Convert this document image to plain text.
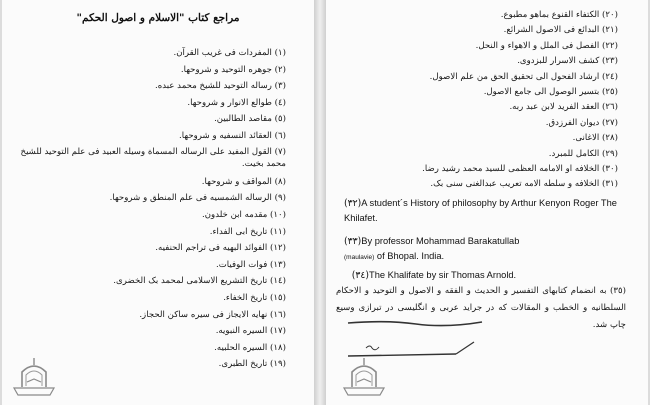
مراجع كتاب "الاسلام و اصول الحكم"
(١) المفردات فى غريب القرآن.
(٢) جوهره التوحيد و شروحها.
(٣) رساله التوحيد للشيخ محمد عبده.
(٤) طوالع الانوار و شروحها.
(٥) مقاصد الطالبين.
(٦) العقائد النسفيه و شروحها.
(٧) القول المفيد على الرساله المسماة وسيله العبيد فى علم التوحيد للشيخ محمد بخيت.
(٨) المواقف و شروحها.
(٩) الرساله الشمسيه فى علم المنطق و شروحها.
(١٠) مقدمه ابن خلدون.
(١١) تاريخ ابى الفداء.
(١٢) الفوائد البهيه فى تراجم الحنفيه.
(١٣) فوات الوفيات.
(١٤) تاريخ التشريع الاسلامى لمحمد بک الخضرى.
(١٥) تاريخ الخفاء.
(١٦) نهايه الايجاز فى سيره ساكن الحجاز.
(١٧) السيره النبويه.
(١٨) السيره الحلبيه.
(١٩) تاريخ الطبرى.
(٢٠) الكتفاء القنوع بماهو مطبوع.
(٢١) البدائع فى الاصول الشرائع.
(٢٢) الفصل فى الملل و الاهواء و النحل.
(٢٣) كشف الاسرار للبزدوى.
(٢٤) ارشاد الفحول الى تحقيق الحق من علم الاصول.
(٢٥) بتسير الوصول الى جامع الاصول.
(٢٦) العقد الفريد لابن عبد ربه.
(٢٧) ديوان الفرزدق.
(٢٨) الاغانى.
(٢٩) الكامل للمبرد.
(٣٠) الخلافه او الامامه العظمى للسيد محمد رشيد رضا.
(٣١) الخلافه و سلطه الامه تعريب عبدالغنى سنى بک.
(٣٢)A student´s History of philosophy by Arthur Kenyon Roger The Khilafet.
(٣٣)By professor Mohammad Barakatullab
(maulavie) of Bhopal. India.
(٣٤)The Khalifate by sir Thomas Arnold.
(٣٥) به انضمام كتابهاى التفسير و الحديث و الفقه و الاصول و التوحيد و الاحكام السلطانيه و الخطب و المقالات كه در جرايد عربى و انگليسى در تبرازى وسيع چاپ شد.
